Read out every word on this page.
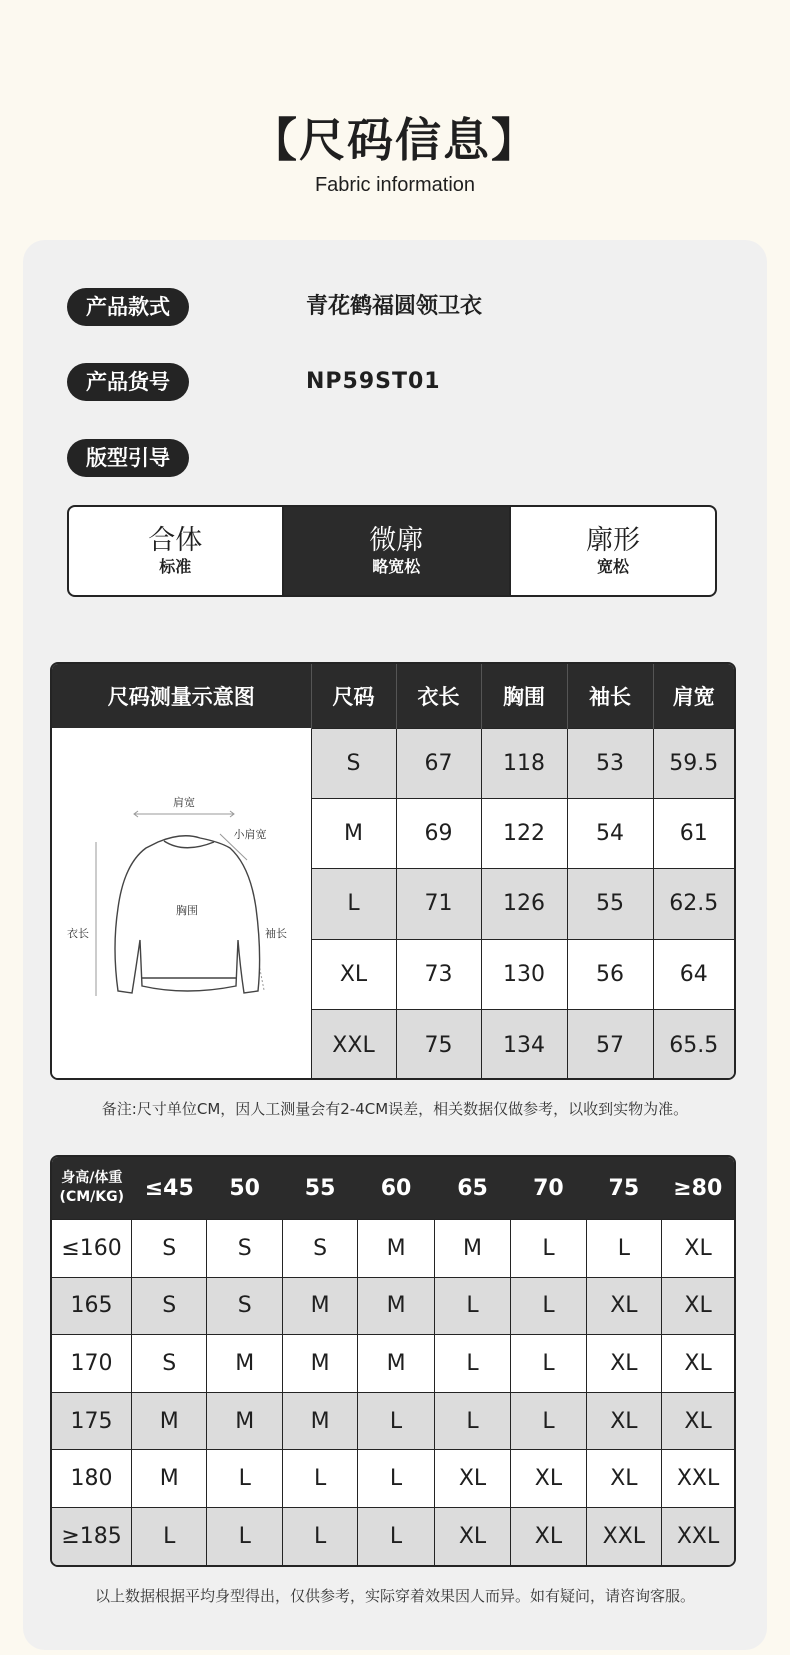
【尺码信息】
Fabric information
产品款式	青花鹤福圆领卫衣
产品货号	NP59ST01
版型引导
合体
标准
微廓
略宽松
廓形
宽松
尺码测量示意图	尺码	衣长	胸围	袖长	肩宽

肩宽
小肩宽
胸围
衣长 袖长	S	67	118	53	59.5
	M	69	122	54	61
	L	71	126	55	62.5
	XL	73	130	56	64
	XXL	75	134	57	65.5
备注:尺寸单位CM，因人工测量会有2-4CM误差，相关数据仅做参考，以收到实物为准。
身高/体重
(CM/KG)	≤45	50	55	60	65	70	75	≥80
≤160	S	S	S	M	M	L	L	XL
165	S	S	M	M	L	L	XL	XL
170	S	M	M	M	L	L	XL	XL
175	M	M	M	L	L	L	XL	XL
180	M	L	L	L	XL	XL	XL	XXL
≥185	L	L	L	L	XL	XL	XXL	XXL
以上数据根据平均身型得出，仅供参考，实际穿着效果因人而异。如有疑问，请咨询客服。
